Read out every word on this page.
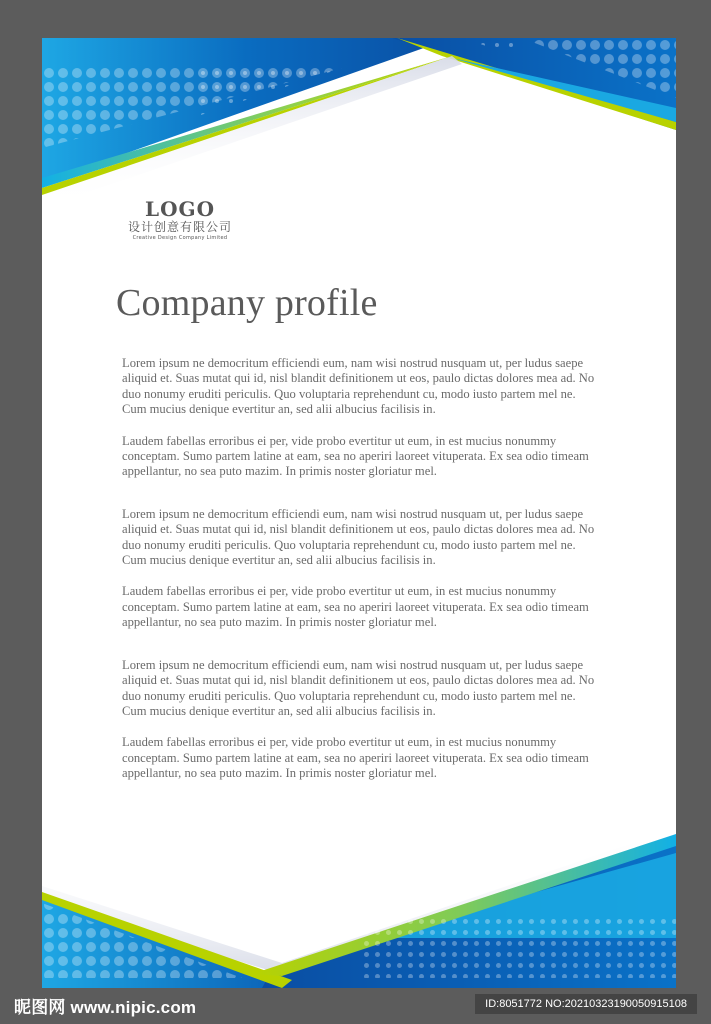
LOGO
设计创意有限公司
Creative Design Company Limited
Company profile

Lorem ipsum ne democritum efficiendi eum, nam wisi nostrud nusquam ut, per ludus saepe aliquid et. Suas mutat qui id, nisl blandit definitionem ut eos, paulo dictas dolores mea ad. No duo nonumy eruditi periculis. Quo voluptaria reprehendunt cu, modo iusto partem mel ne. Cum mucius denique evertitur an, sed alii albucius facilisis in.

Laudem fabellas erroribus ei per, vide probo evertitur ut eum, in est mucius nonummy conceptam. Sumo partem latine at eam, sea no aperiri laoreet vituperata. Ex sea odio timeam appellantur, no sea puto mazim. In primis noster gloriatur mel.

Lorem ipsum ne democritum efficiendi eum, nam wisi nostrud nusquam ut, per ludus saepe aliquid et. Suas mutat qui id, nisl blandit definitionem ut eos, paulo dictas dolores mea ad. No duo nonumy eruditi periculis. Quo voluptaria reprehendunt cu, modo iusto partem mel ne. Cum mucius denique evertitur an, sed alii albucius facilisis in.

Laudem fabellas erroribus ei per, vide probo evertitur ut eum, in est mucius nonummy conceptam. Sumo partem latine at eam, sea no aperiri laoreet vituperata. Ex sea odio timeam appellantur, no sea puto mazim. In primis noster gloriatur mel.

Lorem ipsum ne democritum efficiendi eum, nam wisi nostrud nusquam ut, per ludus saepe aliquid et. Suas mutat qui id, nisl blandit definitionem ut eos, paulo dictas dolores mea ad. No duo nonumy eruditi periculis. Quo voluptaria reprehendunt cu, modo iusto partem mel ne. Cum mucius denique evertitur an, sed alii albucius facilisis in.

Laudem fabellas erroribus ei per, vide probo evertitur ut eum, in est mucius nonummy conceptam. Sumo partem latine at eam, sea no aperiri laoreet vituperata. Ex sea odio timeam appellantur, no sea puto mazim. In primis noster gloriatur mel.

昵图网 www.nipic.com	ID:8051772 NO:20210323190050915108
